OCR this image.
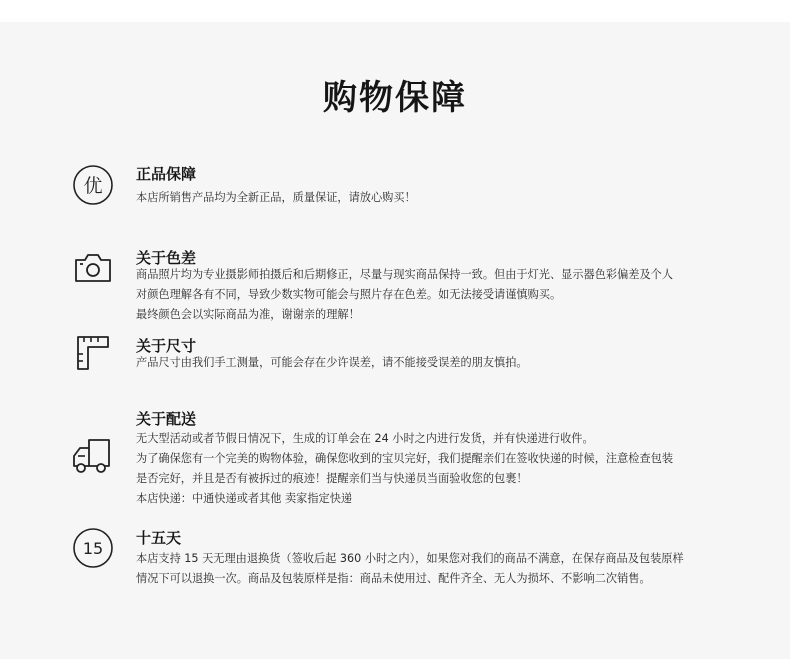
购物保障
优
正品保障

本店所销售产品均为全新正品，质量保证，请放心购买！

关于色差

商品照片均为专业摄影师拍摄后和后期修正，尽量与现实商品保持一致。但由于灯光、显示器色彩偏差及个人

对颜色理解各有不同，导致少数实物可能会与照片存在色差。如无法接受请谨慎购买。

最终颜色会以实际商品为准，谢谢亲的理解！

关于尺寸

产品尺寸由我们手工测量，可能会存在少许误差，请不能接受误差的朋友慎拍。

关于配送

无大型活动或者节假日情况下，生成的订单会在 24 小时之内进行发货，并有快递进行收件。

为了确保您有一个完美的购物体验，确保您收到的宝贝完好，我们提醒亲们在签收快递的时候，注意检查包装

是否完好，并且是否有被拆过的痕迹！提醒亲们当与快递员当面验收您的包裹！

本店快递：中通快递或者其他 卖家指定快递

15
十五天

本店支持 15 天无理由退换货（签收后起 360 小时之内），如果您对我们的商品不满意，在保存商品及包装原样

情况下可以退换一次。商品及包装原样是指：商品未使用过、配件齐全、无人为损坏、不影响二次销售。
